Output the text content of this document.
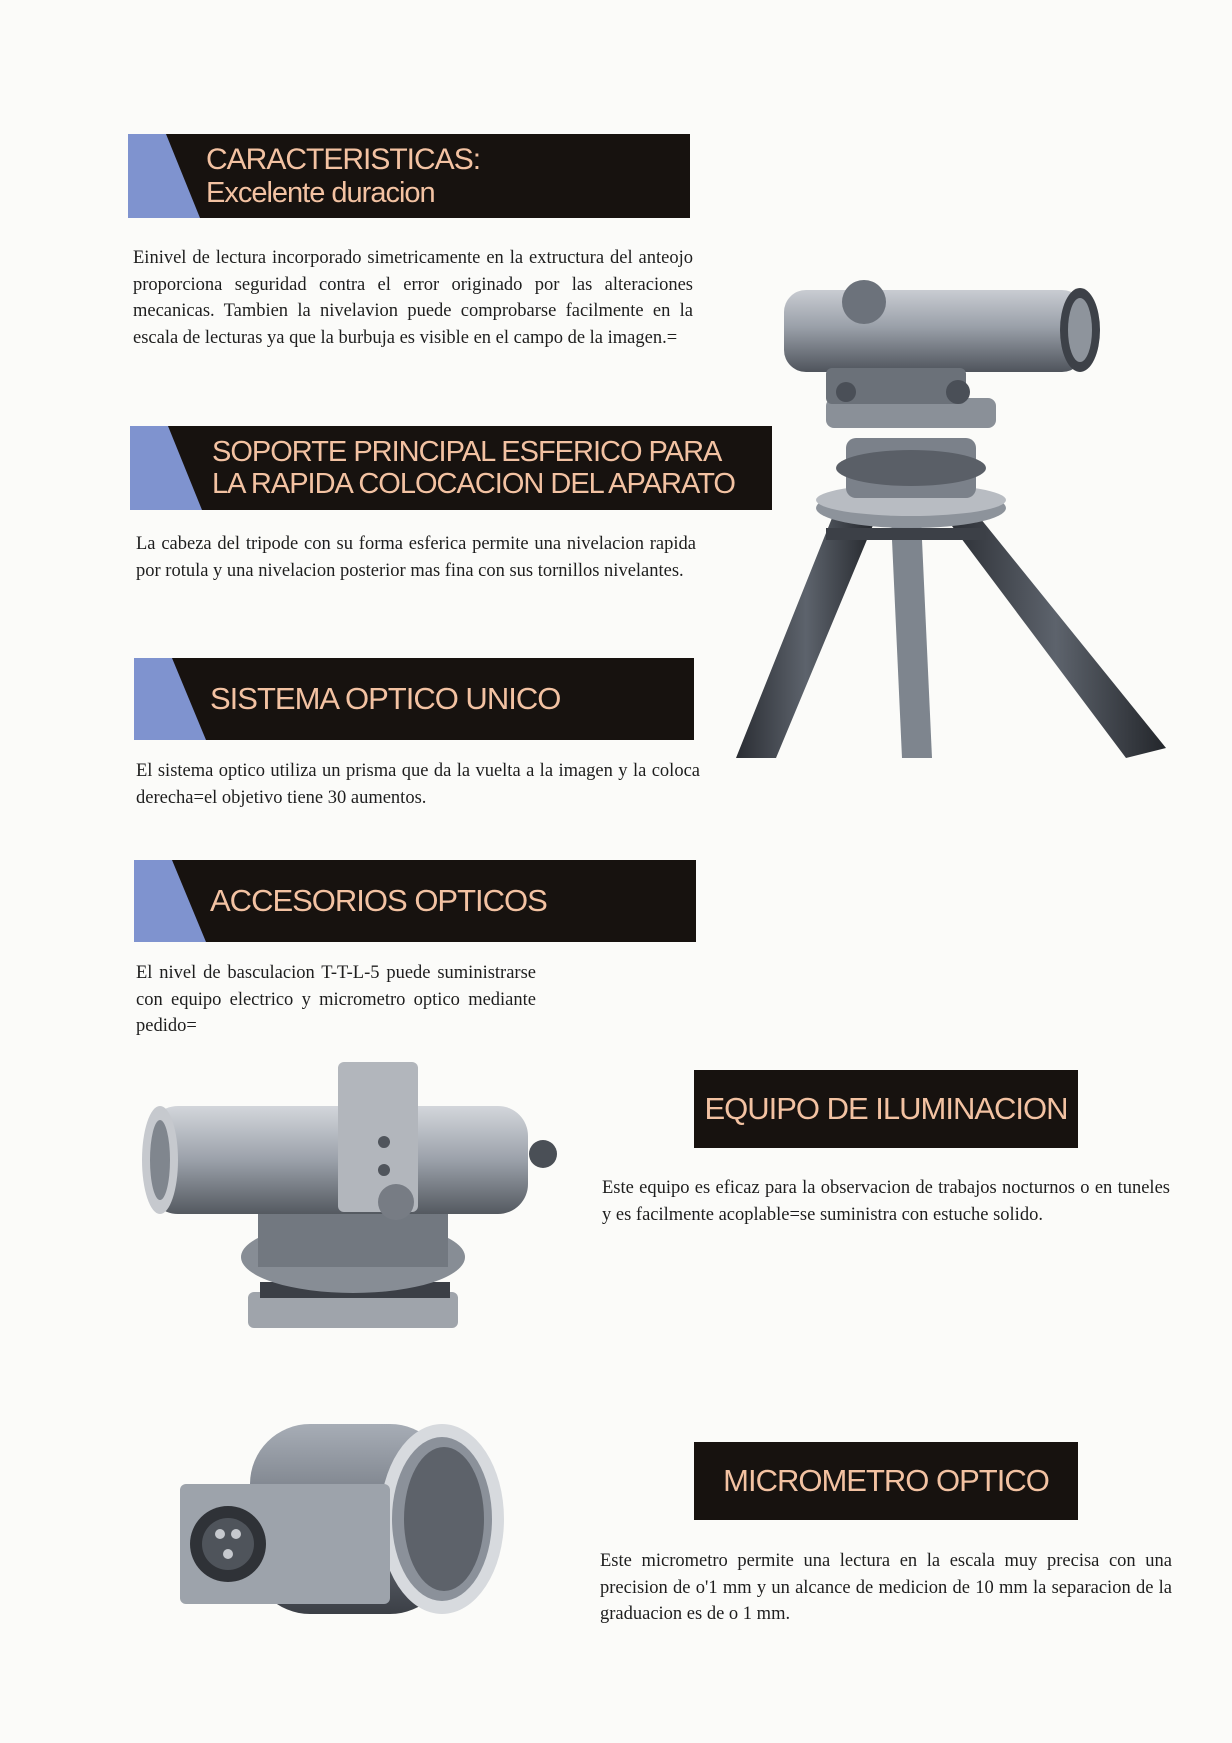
CARACTERISTICAS:
Excelente duracion

Einivel de lectura incorporado simetricamente en la extructura del anteojo proporciona seguridad contra el error originado por las alteraciones mecanicas. Tambien la nivelavion puede comprobarse facilmente en la escala de lecturas ya que la burbuja es visible en el campo de la imagen.=

SOPORTE PRINCIPAL ESFERICO PARA
LA RAPIDA COLOCACION DEL APARATO

La cabeza del tripode con su forma esferica permite una nivelacion rapida por rotula y una nivelacion posterior mas fina con sus tornillos nivelantes.

SISTEMA OPTICO UNICO

El sistema optico utiliza un prisma que da la vuelta a la imagen y la coloca derecha=el objetivo tiene 30 aumentos.

ACCESORIOS OPTICOS

El nivel de basculacion T-T-L-5 puede suministrarse con equipo electrico y micrometro optico mediante pedido=

EQUIPO DE ILUMINACION

Este equipo es eficaz para la observacion de trabajos nocturnos o en tuneles y es facilmente acoplable=se suministra con estuche solido.

MICROMETRO OPTICO

Este micrometro permite una lectura en la escala muy precisa con una precision de o'1 mm y un alcance de medicion de 10 mm la separacion de la graduacion es de o 1 mm.
